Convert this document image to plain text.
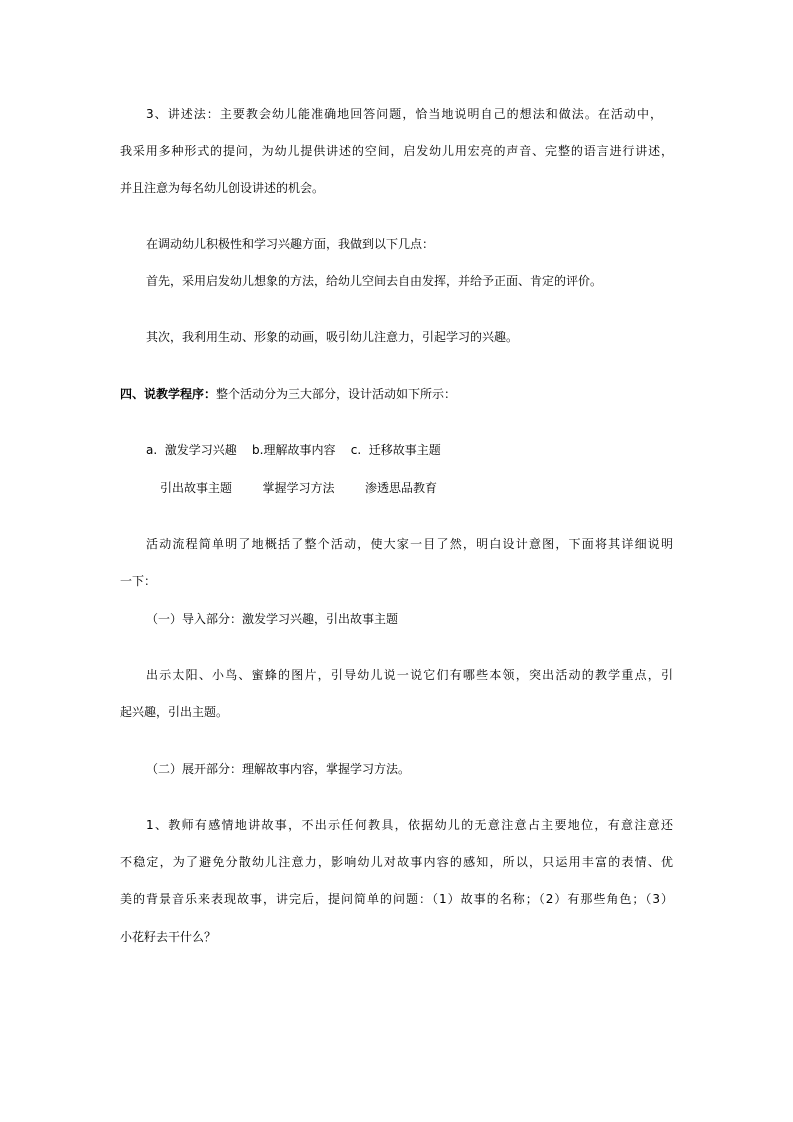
3、讲述法：主要教会幼儿能准确地回答问题，恰当地说明自己的想法和做法。在活动中，
我采用多种形式的提问，为幼儿提供讲述的空间，启发幼儿用宏亮的声音、完整的语言进行讲述，
并且注意为每名幼儿创设讲述的机会。
在调动幼儿积极性和学习兴趣方面，我做到以下几点：
首先，采用启发幼儿想象的方法，给幼儿空间去自由发挥，并给予正面、肯定的评价。
其次，我利用生动、形象的动画，吸引幼儿注意力，引起学习的兴趣。
四、说教学程序：整个活动分为三大部分，设计活动如下所示：
a.  激发学习兴趣    b.理解故事内容    c.  迁移故事主题
引出故事主题        掌握学习方法        渗透思品教育
活动流程简单明了地概括了整个活动，使大家一目了然，明白设计意图，下面将其详细说明
一下：
（一）导入部分：激发学习兴趣，引出故事主题
出示太阳、小鸟、蜜蜂的图片，引导幼儿说一说它们有哪些本领，突出活动的教学重点，引
起兴趣，引出主题。
（二）展开部分：理解故事内容，掌握学习方法。
1、教师有感情地讲故事，不出示任何教具，依据幼儿的无意注意占主要地位，有意注意还
不稳定，为了避免分散幼儿注意力，影响幼儿对故事内容的感知，所以，只运用丰富的表情、优
美的背景音乐来表现故事，讲完后，提问简单的问题：（1）故事的名称；（2）有那些角色；（3）
小花籽去干什么？
